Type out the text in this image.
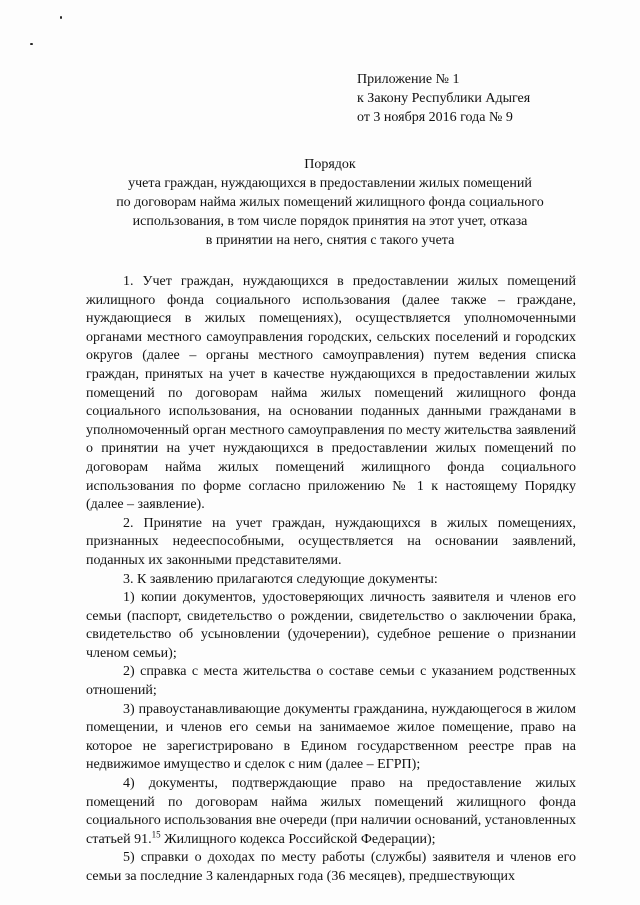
Приложение № 1
к Закону Республики Адыгея
от 3 ноября 2016 года № 9
Порядок
учета граждан, нуждающихся в предоставлении жилых помещений
по договорам найма жилых помещений жилищного фонда социального
использования, в том числе порядок принятия на этот учет, отказа
в принятии на него, снятия с такого учета

1. Учет граждан, нуждающихся в предоставлении жилых помещений жилищного фонда социального использования (далее также – граждане, нуждающиеся в жилых помещениях), осуществляется уполномоченными органами местного самоуправления городских, сельских поселений и городских округов (далее – органы местного самоуправления) путем ведения списка граждан, принятых на учет в качестве нуждающихся в предоставлении жилых помещений по договорам найма жилых помещений жилищного фонда социального использования, на основании поданных данными гражданами в уполномоченный орган местного самоуправления по месту жительства заявлений о принятии на учет нуждающихся в предоставлении жилых помещений по договорам найма жилых помещений жилищного фонда социального использования по форме согласно приложению № 1 к настоящему Порядку (далее – заявление).

2. Принятие на учет граждан, нуждающихся в жилых помещениях, признанных недееспособными, осуществляется на основании заявлений, поданных их законными представителями.

3. К заявлению прилагаются следующие документы:

1) копии документов, удостоверяющих личность заявителя и членов его семьи (паспорт, свидетельство о рождении, свидетельство о заключении брака, свидетельство об усыновлении (удочерении), судебное решение о признании членом семьи);

2) справка с места жительства о составе семьи с указанием родственных отношений;

3) правоустанавливающие документы гражданина, нуждающегося в жилом помещении, и членов его семьи на занимаемое жилое помещение, право на которое не зарегистрировано в Едином государственном реестре прав на недвижимое имущество и сделок с ним (далее – ЕГРП);

4) документы, подтверждающие право на предоставление жилых помещений по договорам найма жилых помещений жилищного фонда социального использования вне очереди (при наличии оснований, установленных статьей 91.15 Жилищного кодекса Российской Федерации);

5) справки о доходах по месту работы (службы) заявителя и членов его семьи за последние 3 календарных года (36 месяцев), предшествующих
